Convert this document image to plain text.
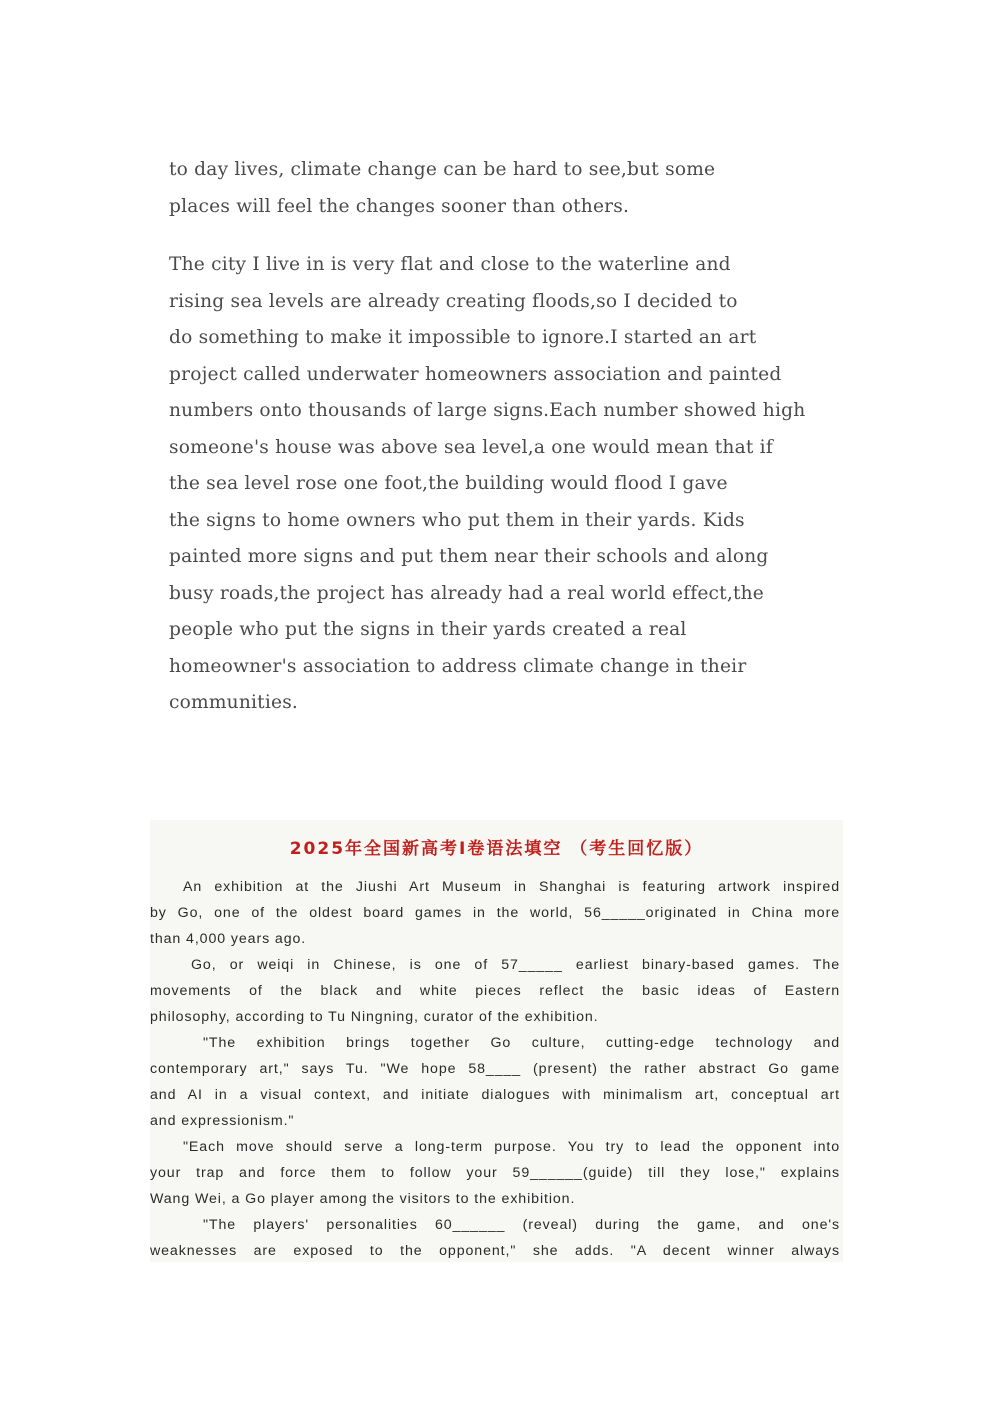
to day lives, climate change can be hard to see,but some
places will feel the changes sooner than others.
The city I live in is very flat and close to the waterline and
rising sea levels are already creating floods,so I decided to
do something to make it impossible to ignore.I started an art
project called underwater homeowners association and painted
numbers onto thousands of large signs.Each number showed high
someone's house was above sea level,a one would mean that if
the sea level rose one foot,the building would flood I gave
the signs to home owners who put them in their yards. Kids
painted more signs and put them near their schools and along
busy roads,the project has already had a real world effect,the
people who put the signs in their yards created a real
homeowner's association to address climate change in their
communities.
2025年全国新高考Ⅰ卷语法填空 （考生回忆版）
An exhibition at the Jiushi Art Museum in Shanghai is featuring artwork inspired
by Go, one of the oldest board games in the world, 56_____originated in China more
than 4,000 years ago.
Go, or weiqi in Chinese, is one of 57_____ earliest binary-based games. The
movements of the black and white pieces reflect the basic ideas of Eastern
philosophy, according to Tu Ningning, curator of the exhibition.
"The exhibition brings together Go culture, cutting-edge technology and
contemporary art," says Tu. "We hope 58____ (present) the rather abstract Go game
and AI in a visual context, and initiate dialogues with minimalism art, conceptual art
and expressionism."
"Each move should serve a long-term purpose. You try to lead the opponent into
your trap and force them to follow your 59______(guide) till they lose," explains
Wang Wei, a Go player among the visitors to the exhibition.
"The players' personalities 60______ (reveal) during the game, and one's
weaknesses are exposed to the opponent," she adds. "A decent winner always
